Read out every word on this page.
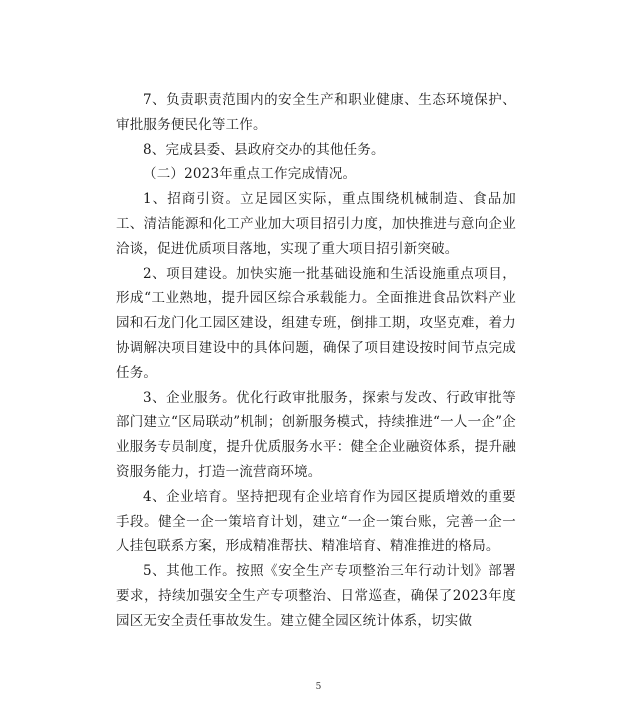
7、负责职责范围内的安全生产和职业健康、生态环境保护、审批服务便民化等工作。

8、完成县委、县政府交办的其他任务。

（二）2023年重点工作完成情况。

1、招商引资。立足园区实际，重点围绕机械制造、食品加工、清洁能源和化工产业加大项目招引力度，加快推进与意向企业洽谈，促进优质项目落地，实现了重大项目招引新突破。

2、项目建设。加快实施一批基础设施和生活设施重点项目，形成“工业熟地，提升园区综合承载能力。全面推进食品饮料产业园和石龙门化工园区建设，组建专班，倒排工期，攻坚克难，着力协调解决项目建设中的具体问题，确保了项目建设按时间节点完成任务。

3、企业服务。优化行政审批服务，探索与发改、行政审批等部门建立“区局联动”机制；创新服务模式，持续推进“一人一企”企业服务专员制度，提升优质服务水平：健全企业融资体系，提升融资服务能力，打造一流营商环境。

4、企业培育。坚持把现有企业培育作为园区提质增效的重要手段。健全一企一策培育计划，建立“一企一策台账，完善一企一人挂包联系方案，形成精准帮扶、精准培育、精准推进的格局。

5、其他工作。按照《安全生产专项整治三年行动计划》部署要求，持续加强安全生产专项整治、日常巡查，确保了2023年度园区无安全责任事故发生。建立健全园区统计体系，切实做

5
